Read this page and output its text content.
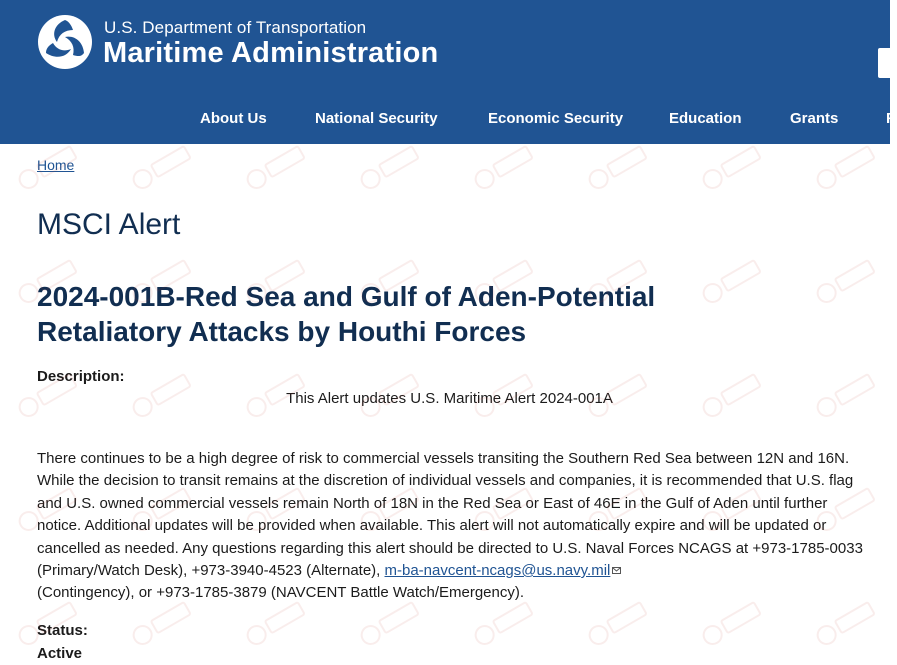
U.S. Department of Transportation
Maritime Administration
About Us	National Security	Economic Security	Education	Grants	R
Home
MSCI Alert
2024-001B-Red Sea and Gulf of Aden-Potential Retaliatory Attacks by Houthi Forces
Description:
This Alert updates U.S. Maritime Alert 2024-001A

There continues to be a high degree of risk to commercial vessels transiting the Southern Red Sea between 12N and 16N. While the decision to transit remains at the discretion of individual vessels and companies, it is recommended that U.S. flag and U.S. owned commercial vessels remain North of 18N in the Red Sea or East of 46E in the Gulf of Aden until further notice. Additional updates will be provided when available. This alert will not automatically expire and will be updated or cancelled as needed. Any questions regarding this alert should be directed to U.S. Naval Forces NCAGS at +973-1785-0033 (Primary/Watch Desk), +973-3940-4523 (Alternate), m-ba-navcent-ncags@us.navy.mil

(Contingency), or +973-1785-3879 (NAVCENT Battle Watch/Emergency).

Status:
Active
